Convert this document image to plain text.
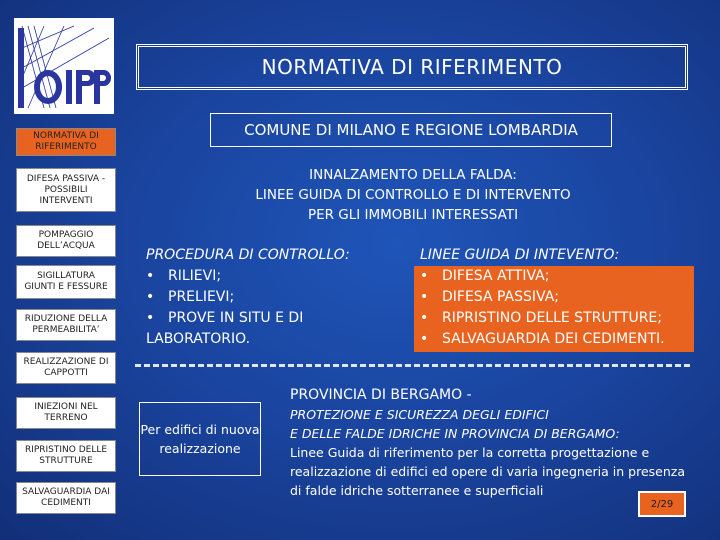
NORMATIVA DI RIFERIMENTO
NORMATIVA DI RIFERIMENTO
DIFESA PASSIVA - POSSIBILI INTERVENTI
POMPAGGIO DELL’ACQUA
SIGILLATURA GIUNTI E FESSURE
RIDUZIONE DELLA PERMEABILITA’
REALIZZAZIONE DI CAPPOTTI
INIEZIONI NEL TERRENO
RIPRISTINO DELLE STRUTTURE
SALVAGUARDIA DAI CEDIMENTI
COMUNE DI MILANO E REGIONE LOMBARDIA
INNALZAMENTO DELLA FALDA:
LINEE GUIDA DI CONTROLLO E DI INTERVENTO
PER GLI IMMOBILI INTERESSATI
PROCEDURA DI CONTROLLO:
• RILIEVI;
• PRELIEVI;
• PROVE IN SITU E DI
LABORATORIO.
LINEE GUIDA DI INTEVENTO:
• DIFESA ATTIVA;
• DIFESA PASSIVA;
• RIPRISTINO DELLE STRUTTURE;
• SALVAGUARDIA DEI CEDIMENTI.
PROVINCIA DI BERGAMO -
Per edifici di nuova realizzazione
PROTEZIONE E SICUREZZA DEGLI EDIFICI
E DELLE FALDE IDRICHE IN PROVINCIA DI BERGAMO:
Linee Guida di riferimento per la corretta progettazione e realizzazione di edifici ed opere di varia ingegneria in presenza di falde idriche sotterranee e superficiali
2/29
